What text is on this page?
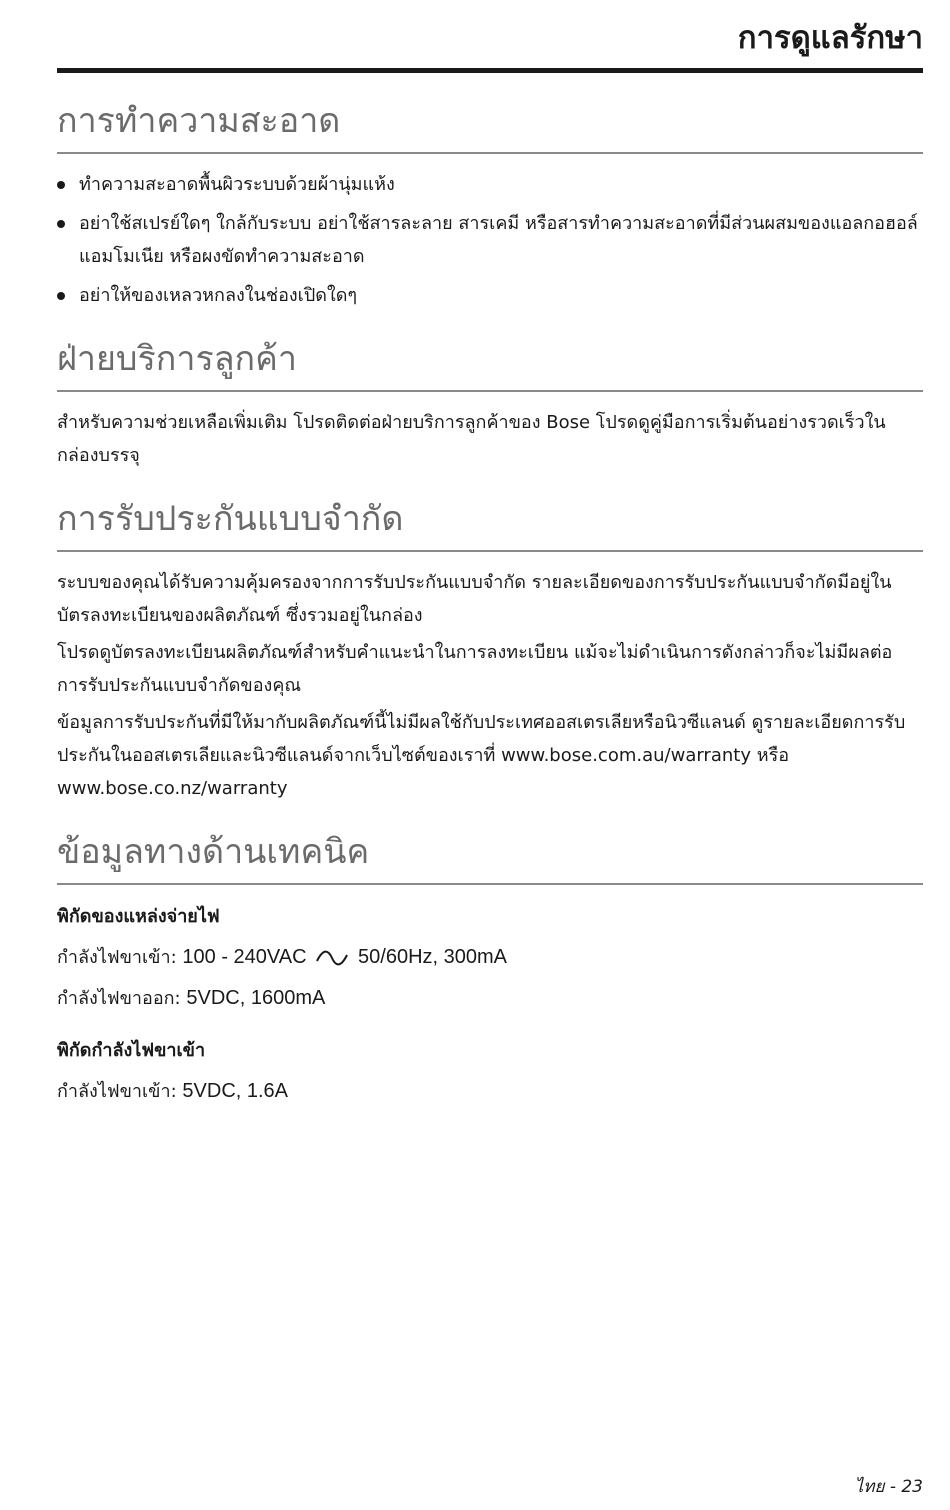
การดูแลรักษา
การทำความสะอาด
ทำความสะอาดพื้นผิวระบบด้วยผ้านุ่มแห้ง
อย่าใช้สเปรย์ใดๆ ใกล้กับระบบ อย่าใช้สารละลาย สารเคมี หรือสารทำความสะอาดที่มีส่วนผสมของแอลกอฮอล์ แอมโมเนีย หรือผงขัดทำความสะอาด
อย่าให้ของเหลวหกลงในช่องเปิดใดๆ
ฝ่ายบริการลูกค้า

สำหรับความช่วยเหลือเพิ่มเติม โปรดติดต่อฝ่ายบริการลูกค้าของ Bose โปรดดูคู่มือการเริ่มต้นอย่างรวดเร็วในกล่องบรรจุ

การรับประกันแบบจำกัด

ระบบของคุณได้รับความคุ้มครองจากการรับประกันแบบจำกัด รายละเอียดของการรับประกันแบบจำกัดมีอยู่ในบัตรลงทะเบียนของผลิตภัณฑ์ ซึ่งรวมอยู่ในกล่อง

โปรดดูบัตรลงทะเบียนผลิตภัณฑ์สำหรับคำแนะนำในการลงทะเบียน แม้จะไม่ดำเนินการดังกล่าวก็จะไม่มีผลต่อการรับประกันแบบจำกัดของคุณ

ข้อมูลการรับประกันที่มีให้มากับผลิตภัณฑ์นี้ไม่มีผลใช้กับประเทศออสเตรเลียหรือนิวซีแลนด์ ดูรายละเอียดการรับประกันในออสเตรเลียและนิวซีแลนด์จากเว็บไซต์ของเราที่ www.bose.com.au/warranty หรือ www.bose.co.nz/warranty

ข้อมูลทางด้านเทคนิค
พิกัดของแหล่งจ่ายไฟ
กำลังไฟขาเข้า: 100 - 240VAC	50/60Hz, 300mA
กำลังไฟขาออก: 5VDC, 1600mA
พิกัดกำลังไฟขาเข้า
กำลังไฟขาเข้า: 5VDC, 1.6A
ไทย - 23
